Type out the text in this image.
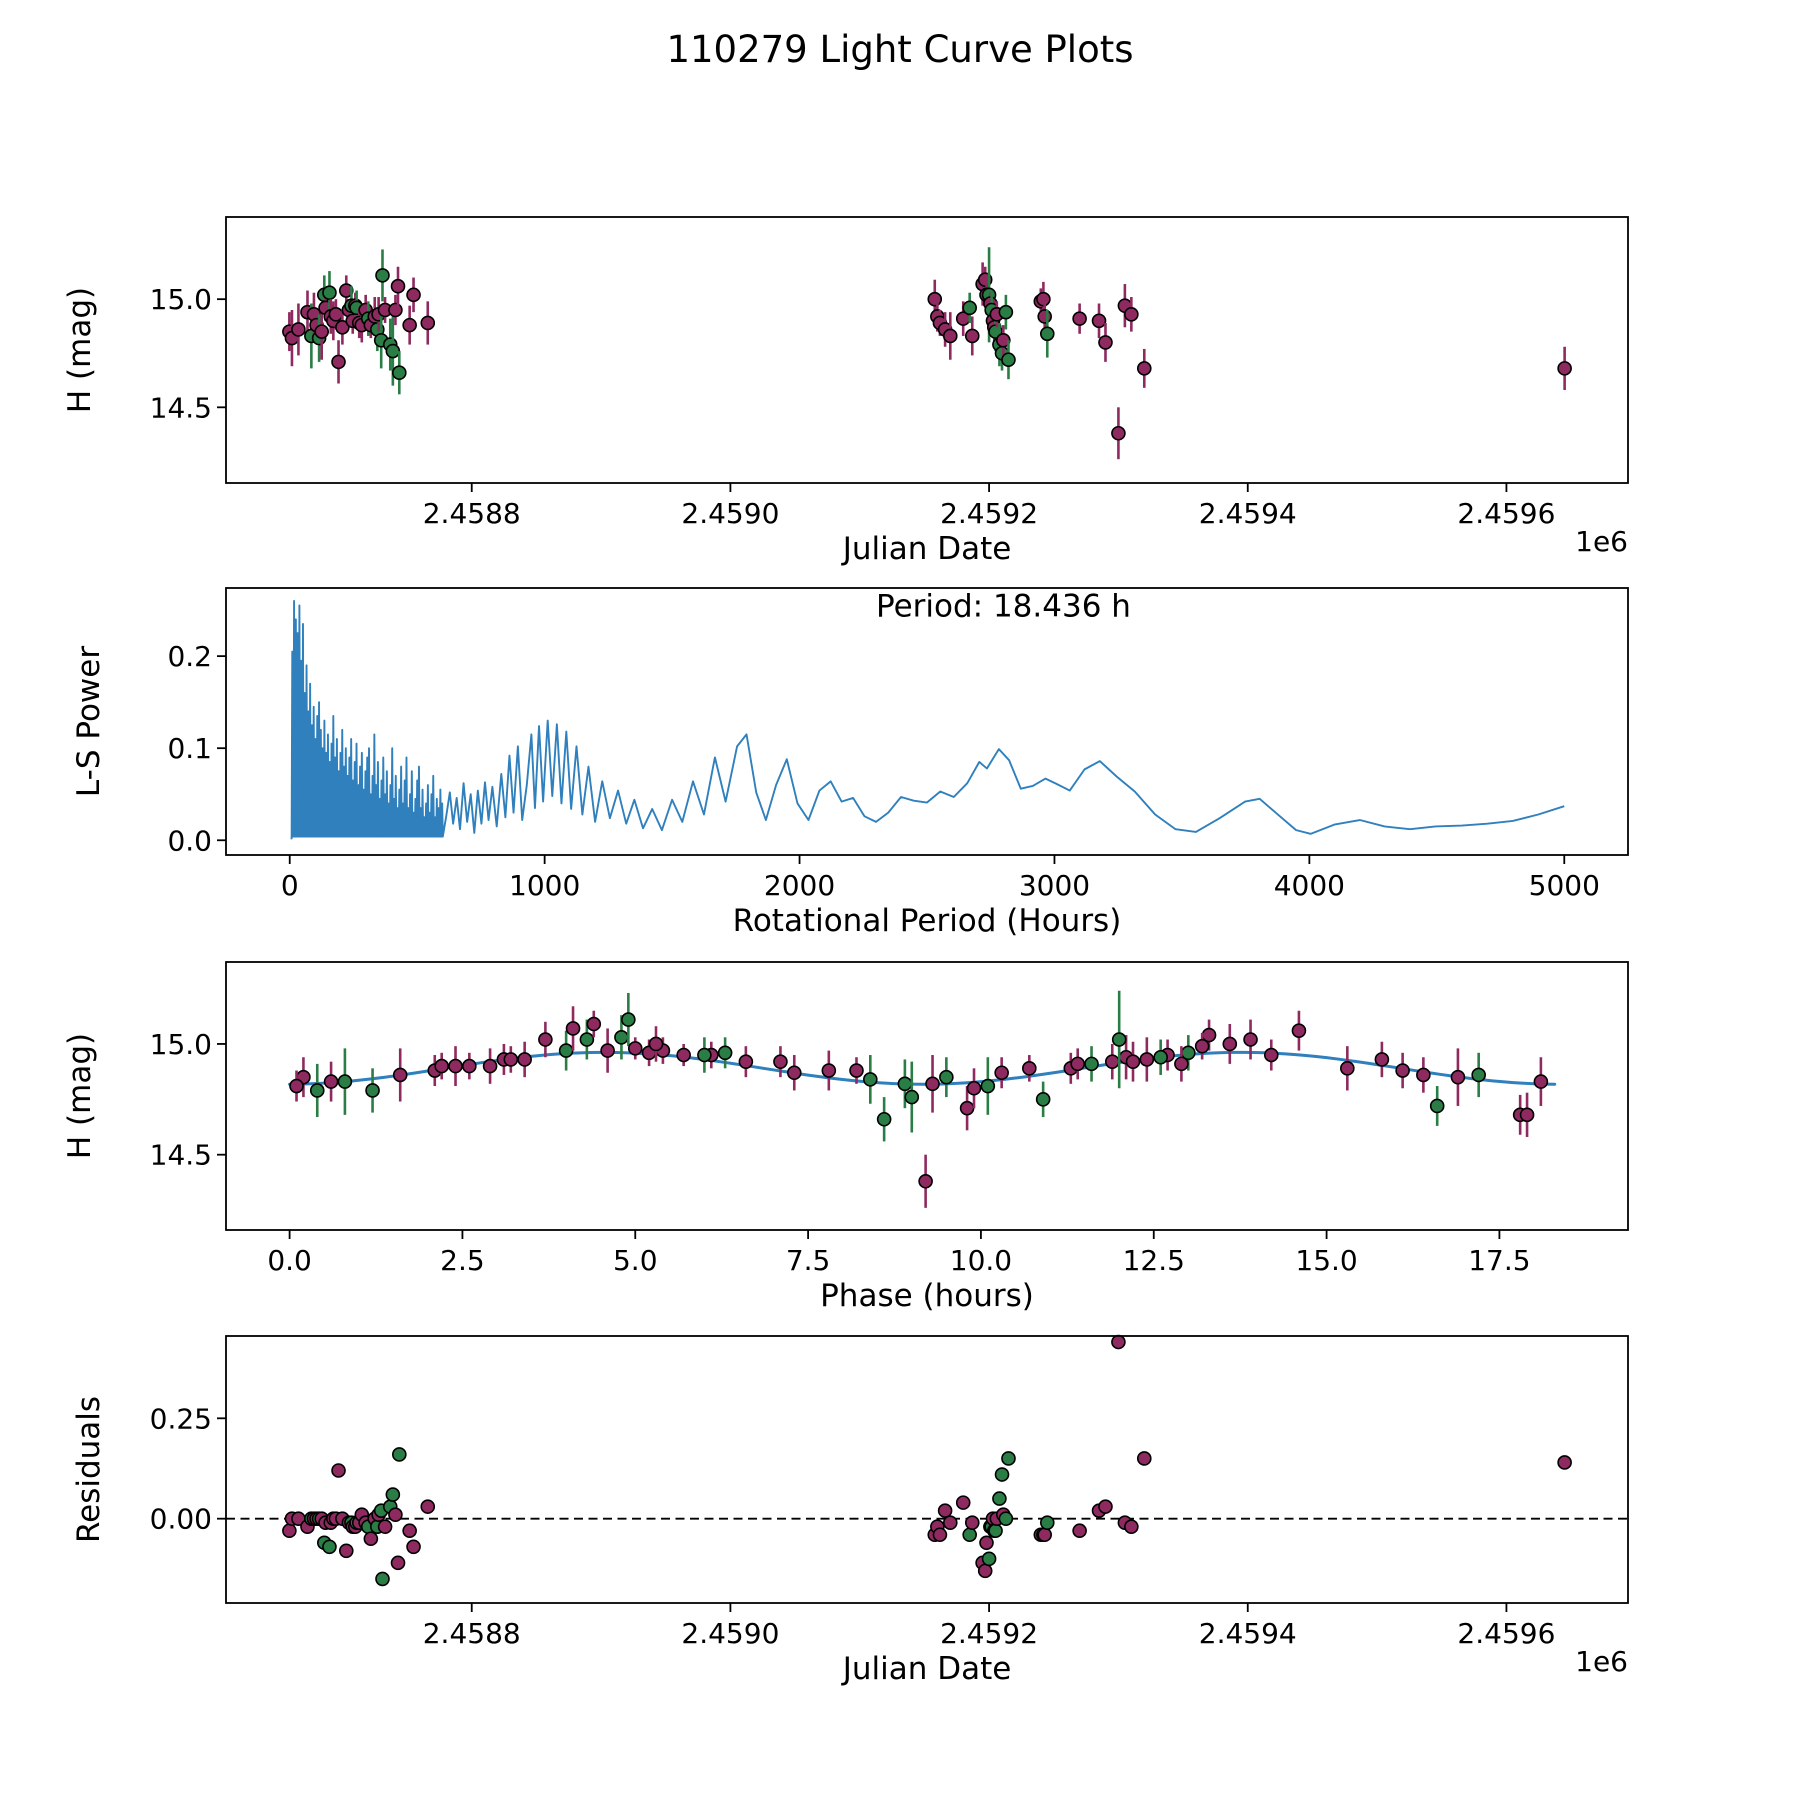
110279 Light Curve Plots
2.4588	2.4590	2.4592	2.4594	2.4596
15.0
14.5
Julian Date
H (mag)
1e6
0	1000	2000	3000	4000	5000
0.0
0.1
0.2
Rotational Period (Hours)
L-S Power
Period: 18.436 h
0.0	2.5	5.0	7.5	10.0	12.5	15.0	17.5
15.0
14.5
Phase (hours)
H (mag)
2.4588	2.4590	2.4592	2.4594	2.4596
0.00
0.25
Julian Date
Residuals
1e6
